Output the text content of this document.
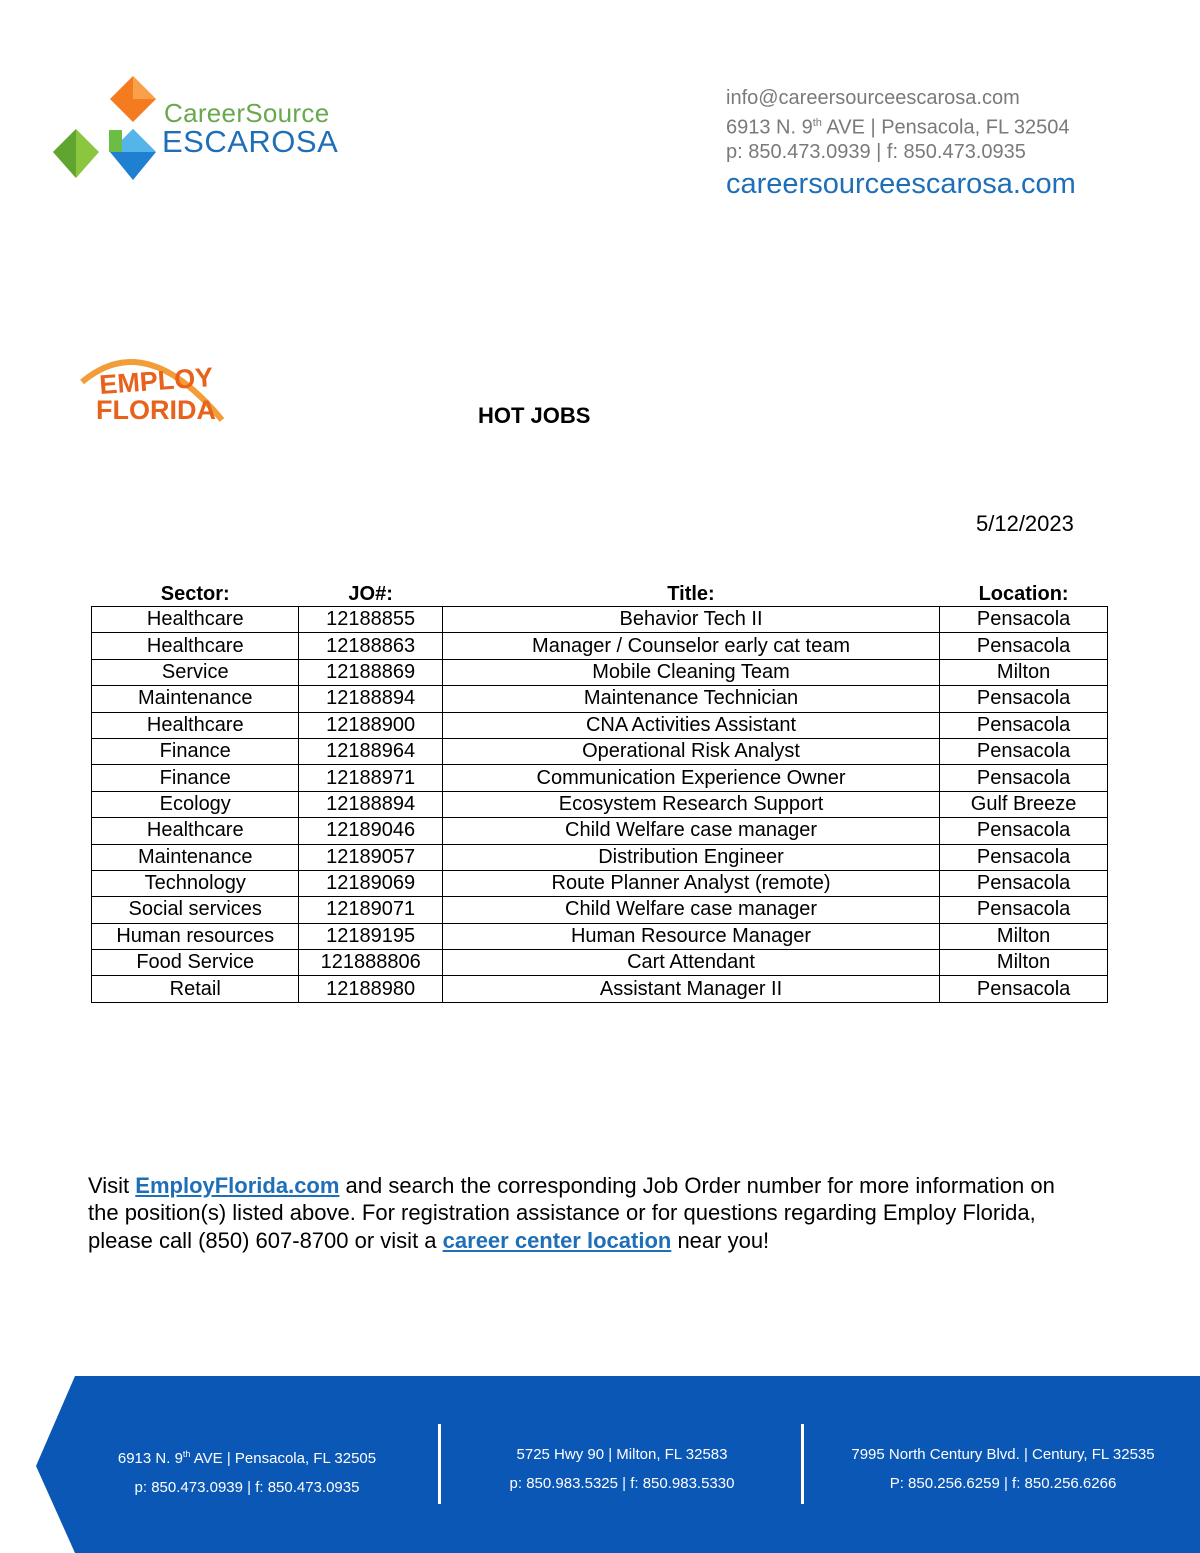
CareerSource
ESCAROSA
info@careersourceescarosa.com
6913 N. 9th AVE | Pensacola, FL 32504
p: 850.473.0939 | f: 850.473.0935
careersourceescarosa.com
EMPLOY
FLORIDA	HOT JOBS
5/12/2023
Sector:	JO#:	Title:	Location:
Healthcare	12188855	Behavior Tech II	Pensacola
Healthcare	12188863	Manager / Counselor early cat team	Pensacola
Service	12188869	Mobile Cleaning Team	Milton
Maintenance	12188894	Maintenance Technician	Pensacola
Healthcare	12188900	CNA Activities Assistant	Pensacola
Finance	12188964	Operational Risk Analyst	Pensacola
Finance	12188971	Communication Experience Owner	Pensacola
Ecology	12188894	Ecosystem Research Support	Gulf Breeze
Healthcare	12189046	Child Welfare case manager	Pensacola
Maintenance	12189057	Distribution Engineer	Pensacola
Technology	12189069	Route Planner Analyst (remote)	Pensacola
Social services	12189071	Child Welfare case manager	Pensacola
Human resources	12189195	Human Resource Manager	Milton
Food Service	121888806	Cart Attendant	Milton
Retail	12188980	Assistant Manager II	Pensacola
Visit EmployFlorida.com and search the corresponding Job Order number for more information on the position(s) listed above. For registration assistance or for questions regarding Employ Florida, please call (850) 607-8700 or visit a career center location near you!
6913 N. 9th AVE | Pensacola, FL 32505
p: 850.473.0939 | f: 850.473.0935
5725 Hwy 90 | Milton, FL 32583
p: 850.983.5325 | f: 850.983.5330
7995 North Century Blvd. | Century, FL 32535
P: 850.256.6259 | f: 850.256.6266
